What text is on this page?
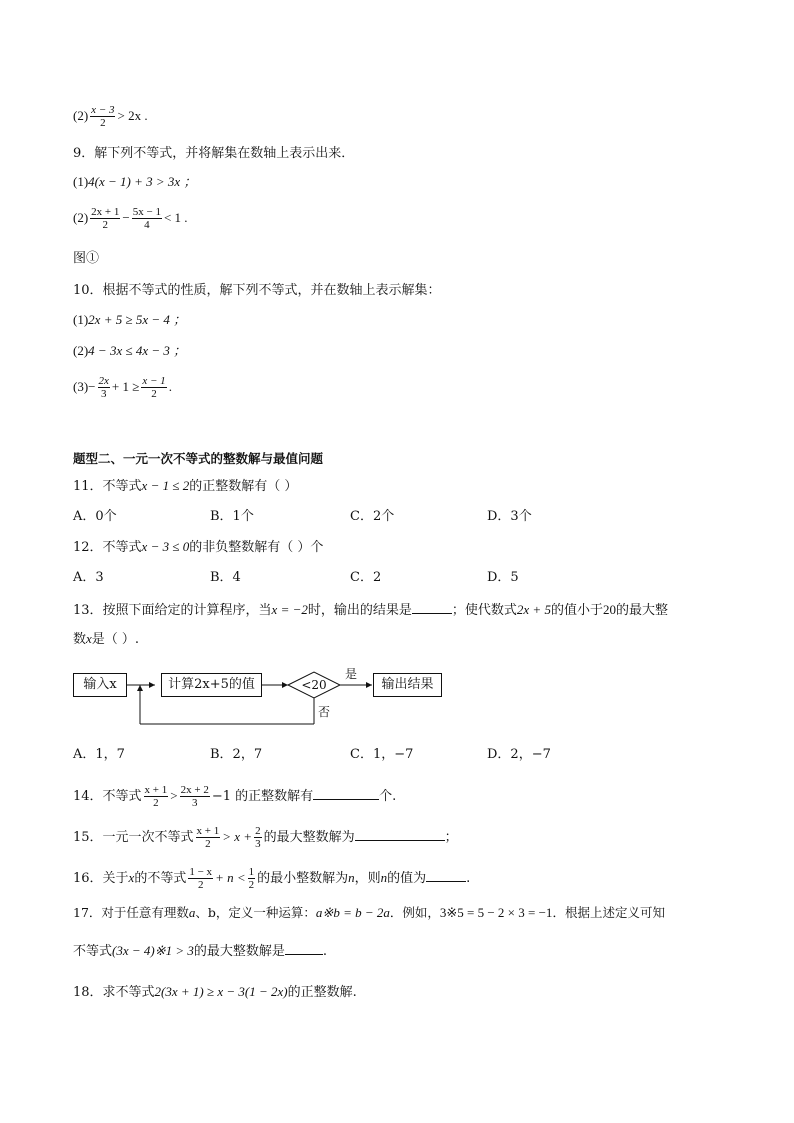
$(2) \frac{x - 3}{2} > 2x$ .
9．解下列不等式，并将解集在数轴上表示出来．
(1)4(x − 1) + 3 > 3x ；
$(2) \frac{2x + 1}{2} - \frac{5x - 1}{4} < 1$ .
图①
10．根据不等式的性质，解下列不等式，并在数轴上表示解集：
(1)2x + 5 ≥ 5x − 4 ；
(2)4 − 3x ≤ 4x − 3 ；
$(3)- \frac{2x}{3} + 1 \ge \frac{x - 1}{2}$ .
题型二、一元一次不等式的整数解与最值问题
11．不等式x − 1 ≤ 2的正整数解有（ ）
A．0个	B．1个	C．2个	D．3个
12．不等式x − 3 ≤ 0的非负整数解有（ ）个
A．3	B．4	C．2	D．5
13．按照下面给定的计算程序，当x = −2时，输出的结果是	；使代数式2x + 5的值小于20的最大整
数x是（ ）.
输入x	计算2x+5的值	<20
是
否
输出结果
A．1，7	B．2，7	C．1，−7	D．2，−7
14．不等式 $\frac{x + 1}{2} > \frac{2x + 2}{3} -1$ 的正整数解有	个.
15．一元一次不等式 $\frac{x + 1}{2} > x + \frac{2}{3}$ 的最大整数解为	；
16．关于x的不等式 $\frac{1 - x}{2} + n < \frac{1}{2}$ 的最小整数解为n，则n的值为	.
17．对于任意有理数a、b，定义一种运算：a※b = b − 2a．例如，3※5 = 5 − 2 × 3 = −1．根据上述定义可知
不等式(3x − 4)※1 > 3的最大整数解是	.
18．求不等式2(3x + 1) ≥ x − 3(1 − 2x)的正整数解.
